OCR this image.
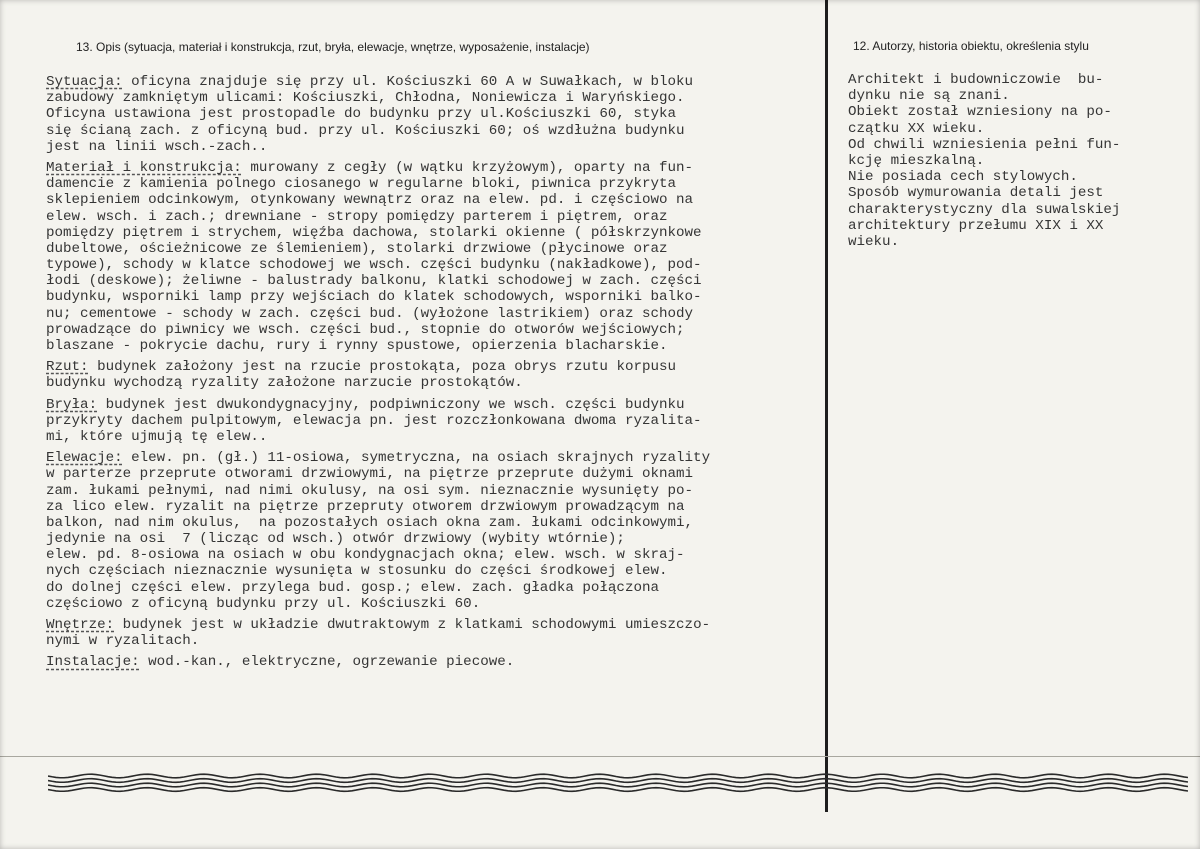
13. Opis (sytuacja, materiał i konstrukcja, rzut, bryła, elewacje, wnętrze, wyposażenie, instalacje)	12. Autorzy, historia obiektu, określenia stylu
Sytuacja: oficyna znajduje się przy ul. Kościuszki 60 A w Suwałkach, w bloku
zabudowy zamkniętym ulicami: Kościuszki, Chłodna, Noniewicza i Waryńskiego.
Oficyna ustawiona jest prostopadle do budynku przy ul.Kościuszki 60, styka
się ścianą zach. z oficyną bud. przy ul. Kościuszki 60; oś wzdłużna budynku
jest na linii wsch.-zach..
Materiał i konstrukcja: murowany z cegły (w wątku krzyżowym), oparty na fun-
damencie z kamienia polnego ciosanego w regularne bloki, piwnica przykryta
sklepieniem odcinkowym, otynkowany wewnątrz oraz na elew. pd. i częściowo na
elew. wsch. i zach.; drewniane - stropy pomiędzy parterem i piętrem, oraz
pomiędzy piętrem i strychem, więźba dachowa, stolarki okienne ( półskrzynkowe
dubeltowe, ościeżnicowe ze ślemieniem), stolarki drzwiowe (płycinowe oraz
typowe), schody w klatce schodowej we wsch. części budynku (nakładkowe), pod-
łodi (deskowe); żeliwne - balustrady balkonu, klatki schodowej w zach. części
budynku, wsporniki lamp przy wejściach do klatek schodowych, wsporniki balko-
nu; cementowe - schody w zach. części bud. (wyłożone lastrikiem) oraz schody
prowadzące do piwnicy we wsch. części bud., stopnie do otworów wejściowych;
blaszane - pokrycie dachu, rury i rynny spustowe, opierzenia blacharskie.
Rzut: budynek założony jest na rzucie prostokąta, poza obrys rzutu korpusu
budynku wychodzą ryzality założone narzucie prostokątów.
Bryła: budynek jest dwukondygnacyjny, podpiwniczony we wsch. części budynku
przykryty dachem pulpitowym, elewacja pn. jest rozczłonkowana dwoma ryzalita-
mi, które ujmują tę elew..
Elewacje: elew. pn. (gł.) 11-osiowa, symetryczna, na osiach skrajnych ryzality
w parterze przeprute otworami drzwiowymi, na piętrze przeprute dużymi oknami
zam. łukami pełnymi, nad nimi okulusy, na osi sym. nieznacznie wysunięty po-
za lico elew. ryzalit na piętrze przepruty otworem drzwiowym prowadzącym na
balkon, nad nim okulus,  na pozostałych osiach okna zam. łukami odcinkowymi,
jedynie na osi  7 (licząc od wsch.) otwór drzwiowy (wybity wtórnie);
elew. pd. 8-osiowa na osiach w obu kondygnacjach okna; elew. wsch. w skraj-
nych częściach nieznacznie wysunięta w stosunku do części środkowej elew.
do dolnej części elew. przylega bud. gosp.; elew. zach. gładka połączona
częściowo z oficyną budynku przy ul. Kościuszki 60.
Wnętrze: budynek jest w układzie dwutraktowym z klatkami schodowymi umieszczo-
nymi w ryzalitach.
Instalacje: wod.-kan., elektryczne, ogrzewanie piecowe.
Architekt i budowniczowie  bu-
dynku nie są znani.
Obiekt został wzniesiony na po-
czątku XX wieku.
Od chwili wzniesienia pełni fun-
kcję mieszkalną.
Nie posiada cech stylowych.
Sposób wymurowania detali jest
charakterystyczny dla suwalskiej
architektury przełumu XIX i XX
wieku.
